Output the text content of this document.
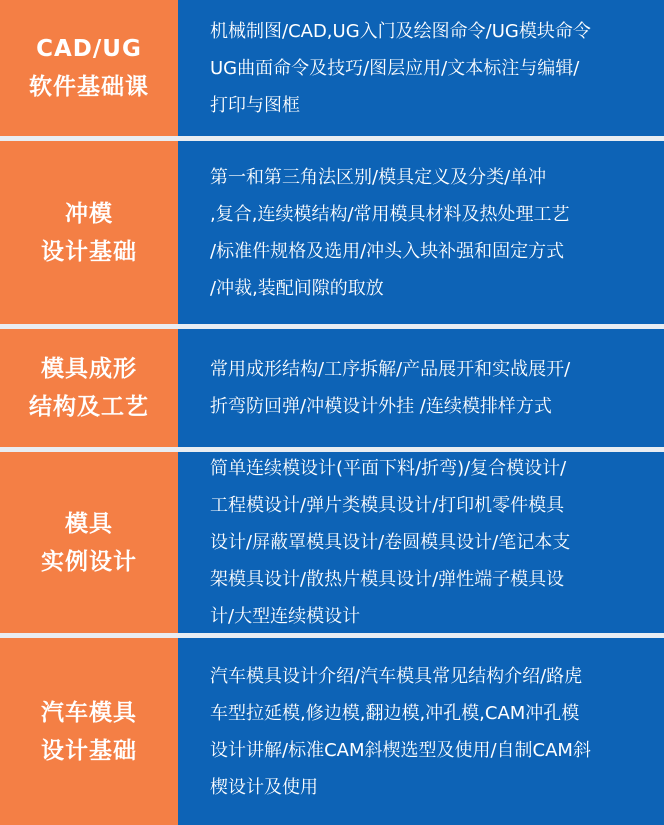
CAD/UG
软件基础课
机械制图/CAD,UG入门及绘图命令/UG模块命令
UG曲面命令及技巧/图层应用/文本标注与编辑/
打印与图框
冲模
设计基础
第一和第三角法区别/模具定义及分类/单冲
,复合,连续模结构/常用模具材料及热处理工艺
/标准件规格及选用/冲头入块补强和固定方式
/冲裁,装配间隙的取放
模具成形
结构及工艺
常用成形结构/工序拆解/产品展开和实战展开/
折弯防回弹/冲模设计外挂 /连续模排样方式
模具
实例设计
简单连续模设计(平面下料/折弯)/复合模设计/
工程模设计/弹片类模具设计/打印机零件模具
设计/屏蔽罩模具设计/卷圆模具设计/笔记本支
架模具设计/散热片模具设计/弹性端子模具设
计/大型连续模设计
汽车模具
设计基础
汽车模具设计介绍/汽车模具常见结构介绍/路虎
车型拉延模,修边模,翻边模,冲孔模,CAM冲孔模
设计讲解/标准CAM斜楔选型及使用/自制CAM斜
楔设计及使用
